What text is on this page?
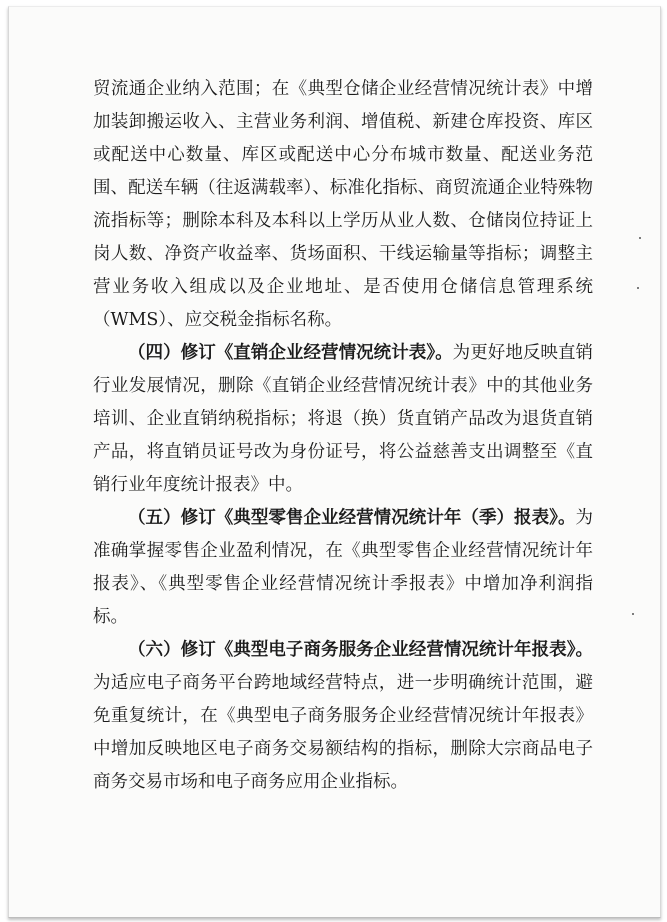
贸流通企业纳入范围；在《典型仓储企业经营情况统计表》中增加装卸搬运收入、主营业务利润、增值税、新建仓库投资、库区或配送中心数量、库区或配送中心分布城市数量、配送业务范围、配送车辆（往返满载率）、标准化指标、商贸流通企业特殊物流指标等；删除本科及本科以上学历从业人数、仓储岗位持证上岗人数、净资产收益率、货场面积、干线运输量等指标；调整主营业务收入组成以及企业地址、是否使用仓储信息管理系统（WMS）、应交税金指标名称。

（四）修订《直销企业经营情况统计表》。为更好地反映直销行业发展情况，删除《直销企业经营情况统计表》中的其他业务培训、企业直销纳税指标；将退（换）货直销产品改为退货直销产品，将直销员证号改为身份证号，将公益慈善支出调整至《直销行业年度统计报表》中。

（五）修订《典型零售企业经营情况统计年（季）报表》。为准确掌握零售企业盈利情况，在《典型零售企业经营情况统计年报表》、《典型零售企业经营情况统计季报表》中增加净利润指标。

（六）修订《典型电子商务服务企业经营情况统计年报表》。为适应电子商务平台跨地域经营特点，进一步明确统计范围，避免重复统计，在《典型电子商务服务企业经营情况统计年报表》中增加反映地区电子商务交易额结构的指标，删除大宗商品电子商务交易市场和电子商务应用企业指标。
